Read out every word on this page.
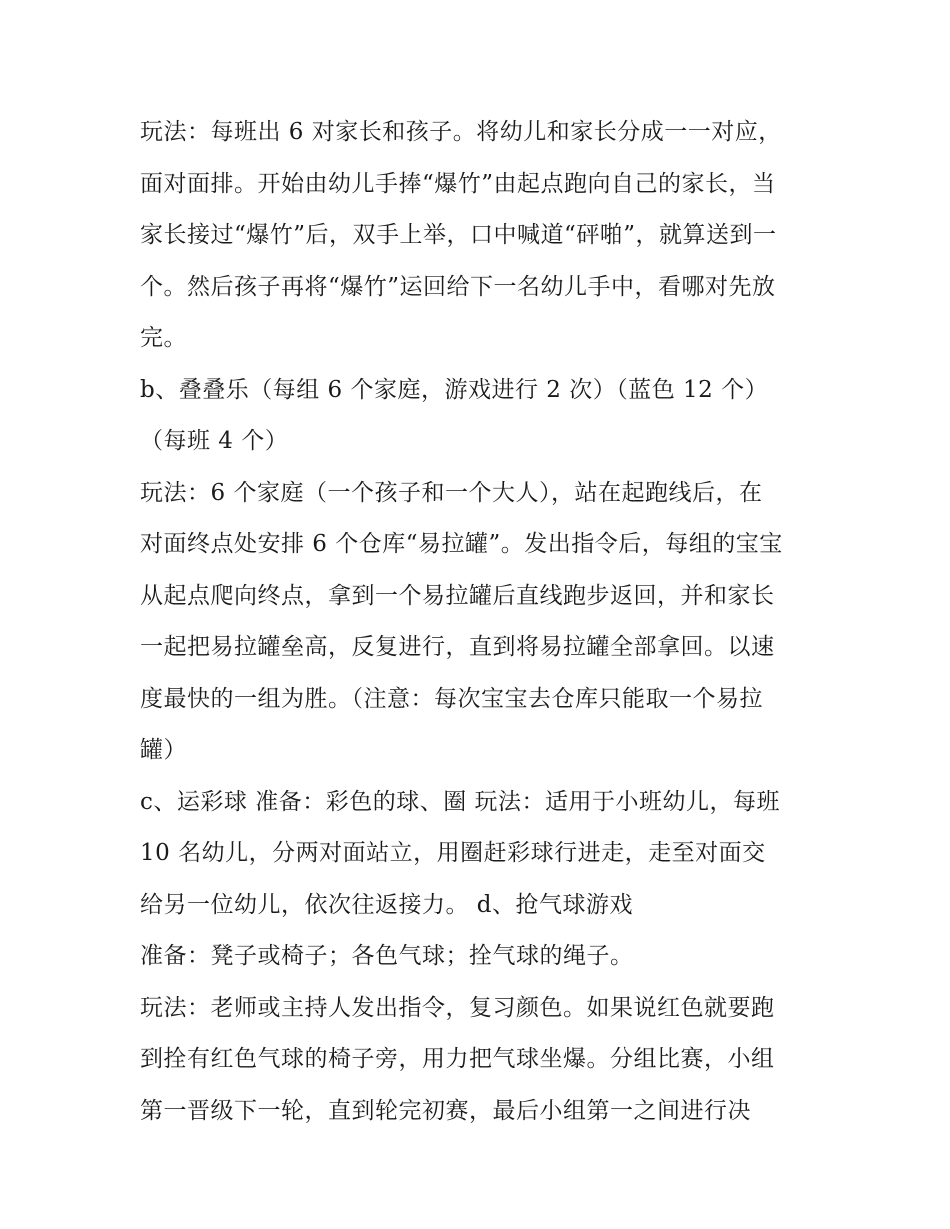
玩法：每班出 6 对家长和孩子。将幼儿和家长分成一一对应，
面对面排。开始由幼儿手捧“爆竹”由起点跑向自己的家长，当
家长接过“爆竹”后，双手上举，口中喊道“砰啪”，就算送到一
个。然后孩子再将“爆竹”运回给下一名幼儿手中，看哪对先放
完。
b、叠叠乐（每组 6 个家庭，游戏进行 2 次）（蓝色 12 个）
（每班 4 个）
玩法：6 个家庭（一个孩子和一个大人），站在起跑线后，在
对面终点处安排 6 个仓库“易拉罐”。发出指令后，每组的宝宝
从起点爬向终点，拿到一个易拉罐后直线跑步返回，并和家长
一起把易拉罐垒高，反复进行，直到将易拉罐全部拿回。以速
度最快的一组为胜。（注意：每次宝宝去仓库只能取一个易拉
罐）
c、运彩球 准备：彩色的球、圈 玩法：适用于小班幼儿，每班
10 名幼儿，分两对面站立，用圈赶彩球行进走，走至对面交
给另一位幼儿，依次往返接力。 d、抢气球游戏
准备：凳子或椅子；各色气球；拴气球的绳子。
玩法：老师或主持人发出指令，复习颜色。如果说红色就要跑
到拴有红色气球的椅子旁，用力把气球坐爆。分组比赛，小组
第一晋级下一轮，直到轮完初赛，最后小组第一之间进行决
